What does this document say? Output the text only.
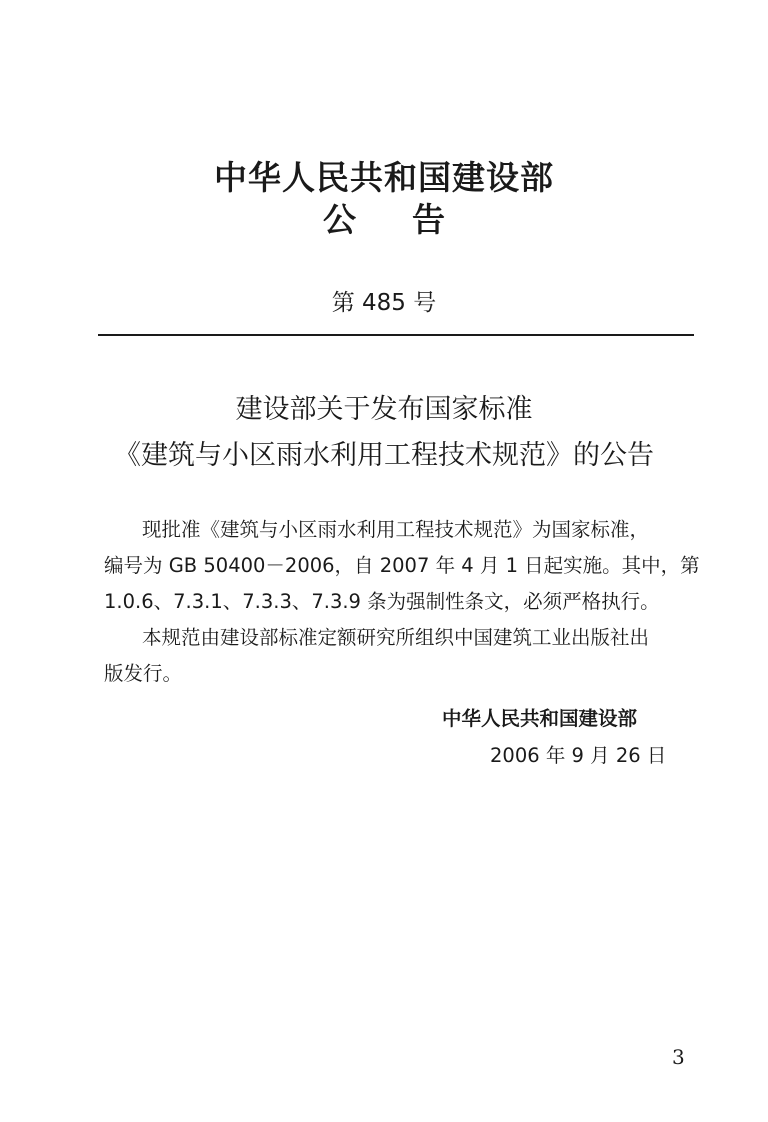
中华人民共和国建设部
公告
第 485 号
建设部关于发布国家标准
《建筑与小区雨水利用工程技术规范》的公告
现批准《建筑与小区雨水利用工程技术规范》为国家标准，
编号为 GB 50400－2006，自 2007 年 4 月 1 日起实施。其中，第
1.0.6、7.3.1、7.3.3、7.3.9 条为强制性条文，必须严格执行。
本规范由建设部标准定额研究所组织中国建筑工业出版社出
版发行。
中华人民共和国建设部
2006 年 9 月 26 日
3
